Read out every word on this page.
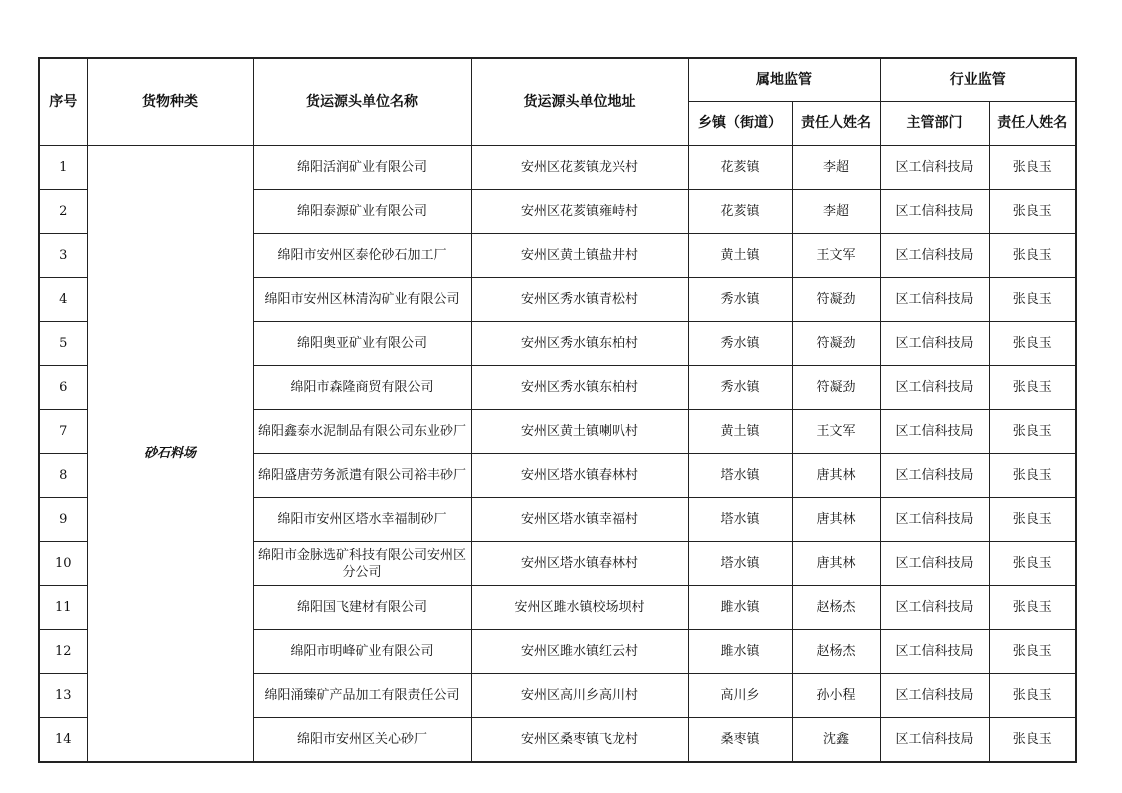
序号	货物种类	货运源头单位名称	货运源头单位地址	属地监管		行业监管	
				乡镇（街道）	责任人姓名	主管部门	责任人姓名
1	砂石料场	绵阳活润矿业有限公司	安州区花荄镇龙兴村	花荄镇	李超	区工信科技局	张良玉
2		绵阳泰源矿业有限公司	安州区花荄镇雍峙村	花荄镇	李超	区工信科技局	张良玉
3		绵阳市安州区泰伦砂石加工厂	安州区黄土镇盐井村	黄土镇	王文军	区工信科技局	张良玉
4		绵阳市安州区林清沟矿业有限公司	安州区秀水镇青松村	秀水镇	符凝劲	区工信科技局	张良玉
5		绵阳奥亚矿业有限公司	安州区秀水镇东柏村	秀水镇	符凝劲	区工信科技局	张良玉
6		绵阳市森隆商贸有限公司	安州区秀水镇东柏村	秀水镇	符凝劲	区工信科技局	张良玉
7		绵阳鑫泰水泥制品有限公司东业砂厂	安州区黄土镇喇叭村	黄土镇	王文军	区工信科技局	张良玉
8		绵阳盛唐劳务派遣有限公司裕丰砂厂	安州区塔水镇春林村	塔水镇	唐其林	区工信科技局	张良玉
9		绵阳市安州区塔水幸福制砂厂	安州区塔水镇幸福村	塔水镇	唐其林	区工信科技局	张良玉
10		绵阳市金脉选矿科技有限公司安州区分公司	安州区塔水镇春林村	塔水镇	唐其林	区工信科技局	张良玉
11		绵阳国飞建材有限公司	安州区雎水镇校场坝村	雎水镇	赵杨杰	区工信科技局	张良玉
12		绵阳市明峰矿业有限公司	安州区雎水镇红云村	雎水镇	赵杨杰	区工信科技局	张良玉
13		绵阳涌臻矿产品加工有限责任公司	安州区高川乡高川村	高川乡	孙小程	区工信科技局	张良玉
14		绵阳市安州区关心砂厂	安州区桑枣镇飞龙村	桑枣镇	沈鑫	区工信科技局	张良玉
